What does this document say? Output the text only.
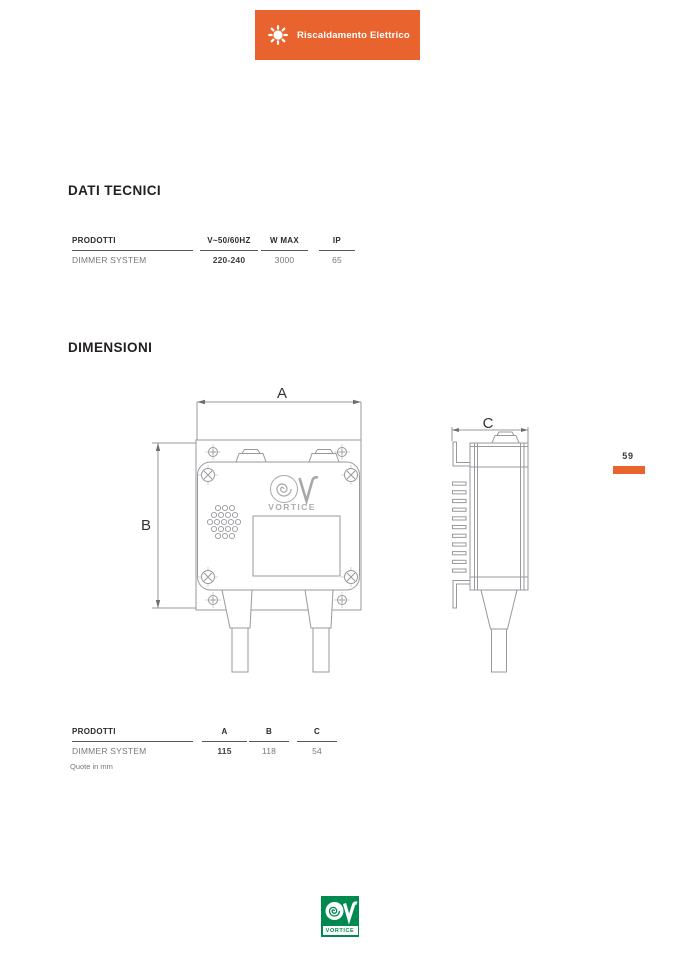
Riscaldamento Elettrico
DATI TECNICI
PRODOTTI
DIMMER SYSTEM
V~50/60HZ
220-240
W MAX
3000
IP
65
DIMENSIONI
A
B
C
VORTICE
59
PRODOTTI
DIMMER SYSTEM
A
115
B
118
C
54
Quote in mm
VORTICE
